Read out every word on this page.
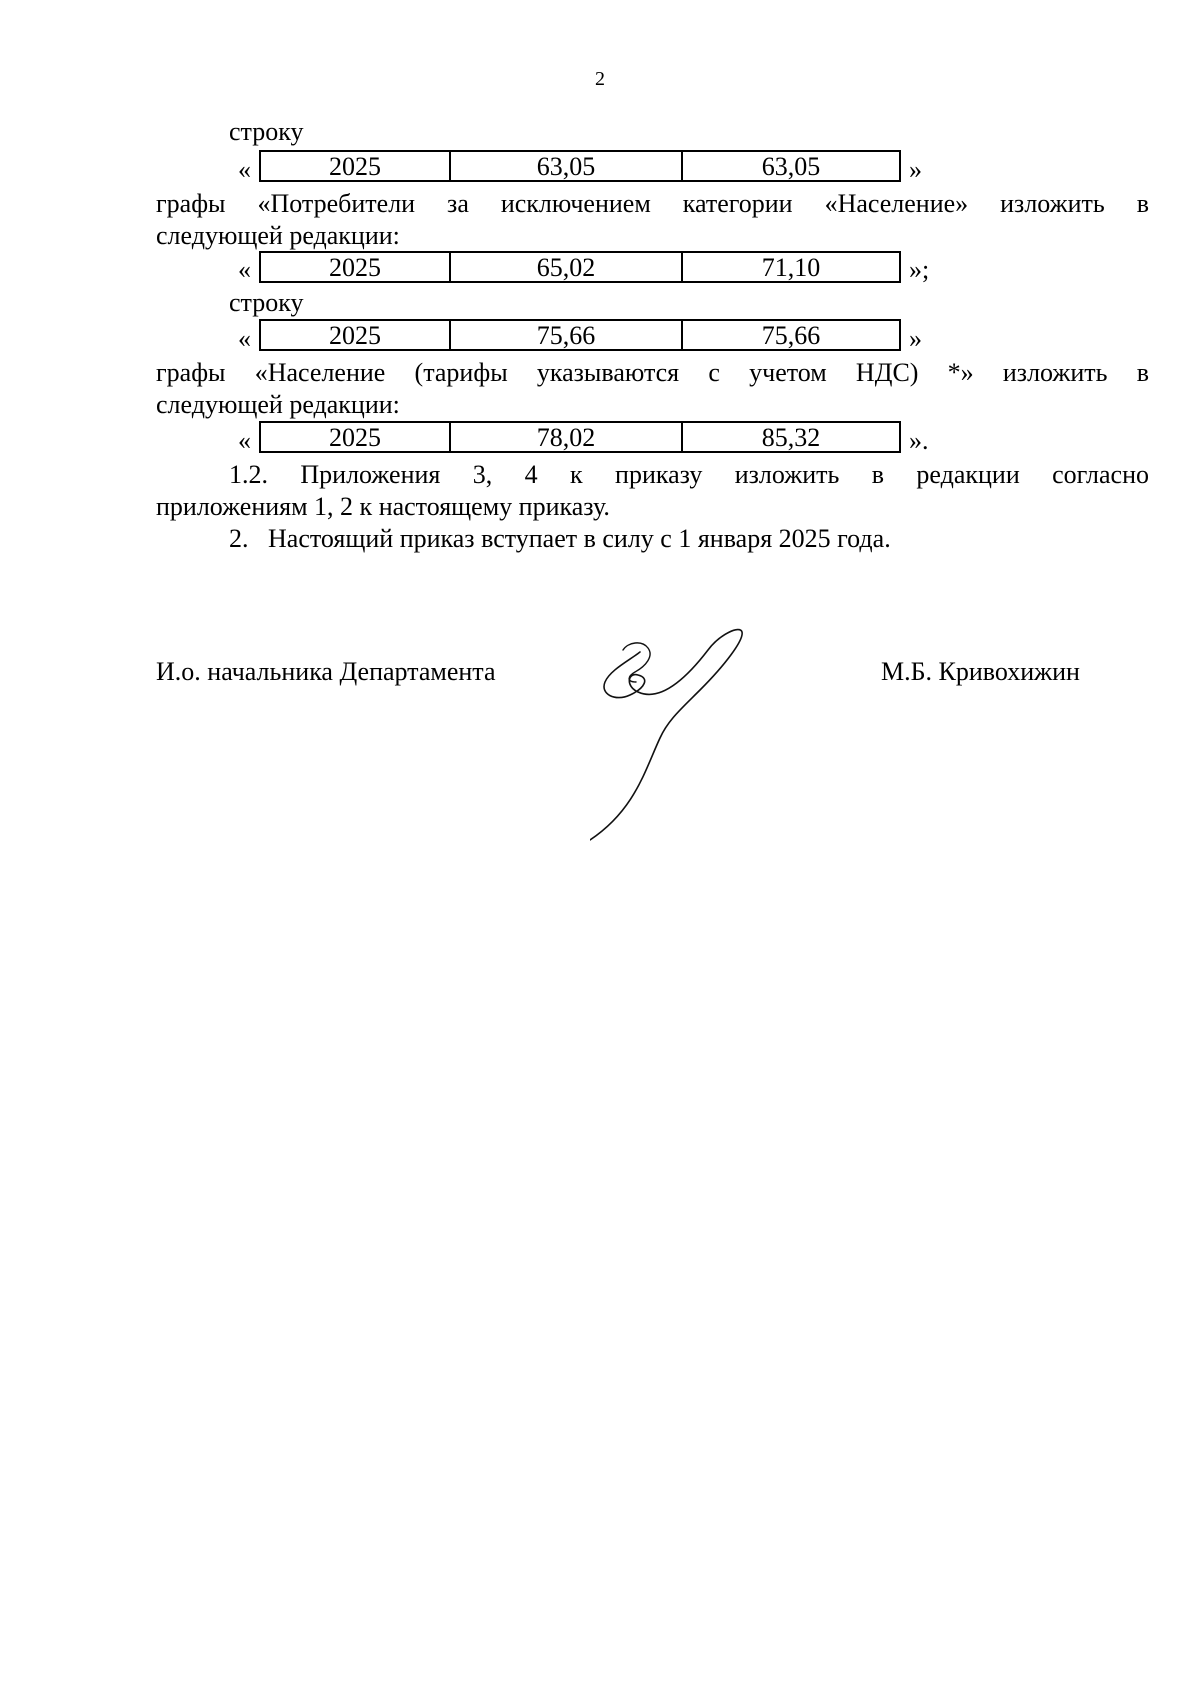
2
строку
«	2025	63,05	63,05	»
графы «Потребители за исключением категории «Население» изложить в
следующей редакции:
«	2025	65,02	71,10	»;
строку
«	2025	75,66	75,66	»
графы «Население (тарифы указываются с учетом НДС) *» изложить в
следующей редакции:
«	2025	78,02	85,32	».
1.2. Приложения 3, 4 к приказу изложить в редакции согласно
приложениям 1, 2 к настоящему приказу.
2.   Настоящий приказ вступает в силу с 1 января 2025 года.
И.о. начальника Департамента	М.Б. Кривохижин
